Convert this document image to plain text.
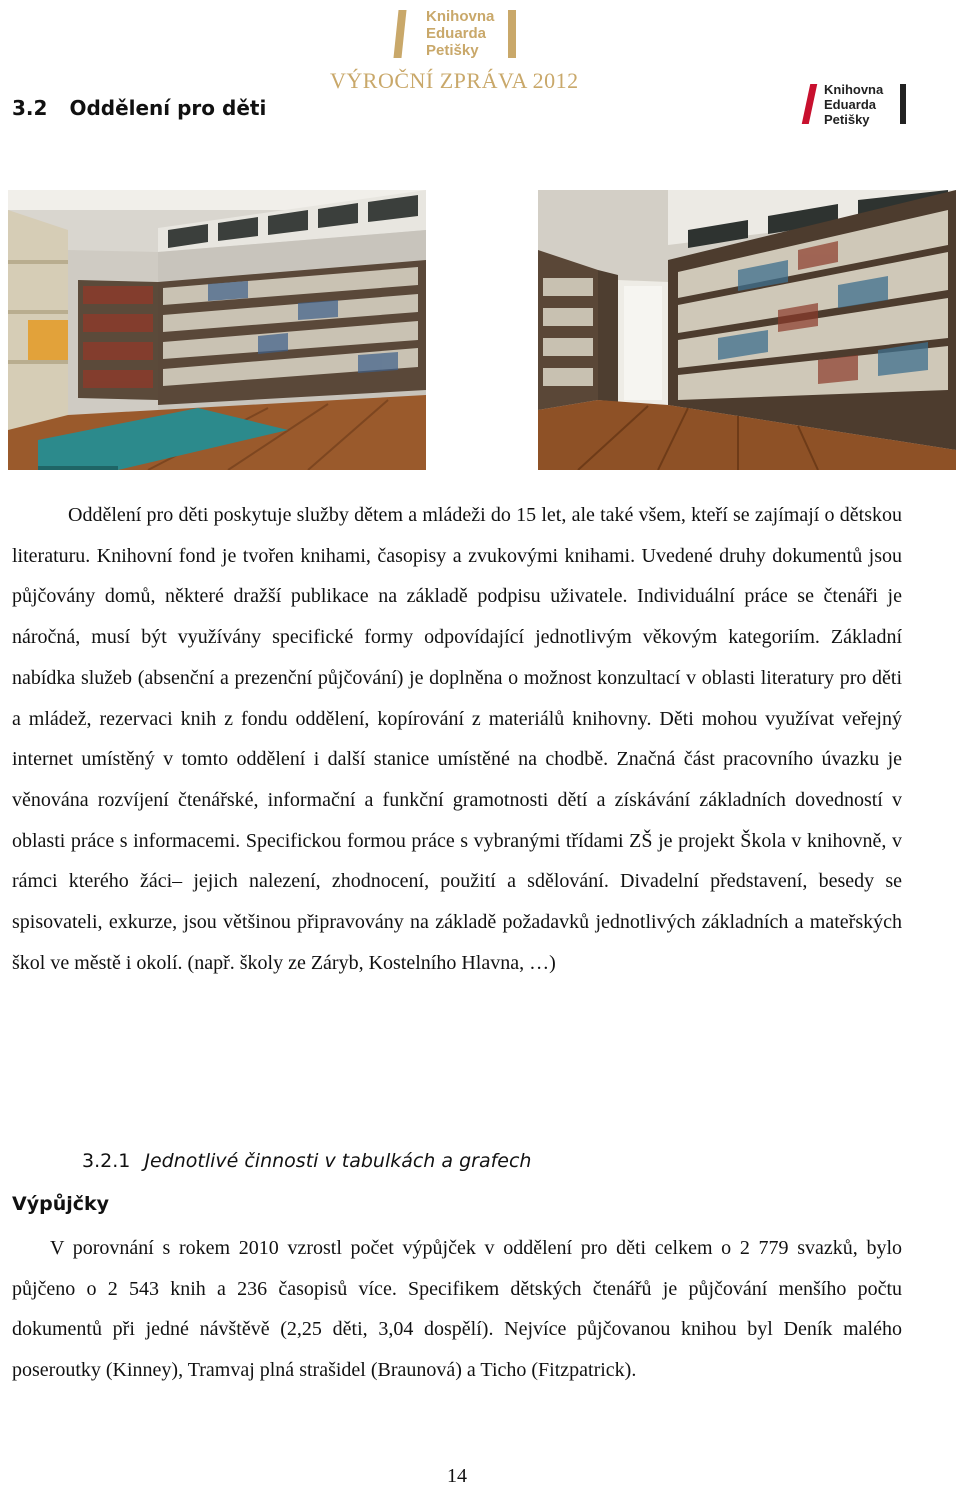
Knihovna
Eduarda
Petišky
VÝROČNÍ ZPRÁVA 2012
3.2 Oddělení pro děti
Knihovna
Eduarda
Petišky

Oddělení pro děti poskytuje služby dětem a mládeži do 15 let, ale také všem, kteří se zajímají o dětskou literaturu. Knihovní fond je tvořen knihami, časopisy a zvukovými knihami. Uvedené druhy dokumentů jsou půjčovány domů, některé dražší publikace na základě podpisu uživatele. Individuální práce se čtenáři je náročná, musí být využívány specifické formy odpovídající jednotlivým věkovým kategoriím. Základní nabídka služeb (absenční a prezenční půjčování) je doplněna o možnost konzultací v oblasti literatury pro děti a mládež, rezervaci knih z fondu oddělení, kopírování z materiálů knihovny. Děti mohou využívat veřejný internet umístěný v tomto oddělení i další stanice umístěné na chodbě. Značná část pracovního úvazku je věnována rozvíjení čtenářské, informační a funkční gramotnosti dětí a získávání základních dovedností v oblasti práce s informacemi. Specifickou formou práce s vybranými třídami ZŠ je projekt Škola v knihovně, v rámci kterého žáci– jejich nalezení, zhodnocení, použití a sdělování. Divadelní představení, besedy se spisovateli, exkurze, jsou většinou připravovány na základě požadavků jednotlivých základních a mateřských škol ve městě i okolí. (např. školy ze Záryb, Kostelního Hlavna, …)

3.2.1 Jednotlivé činnosti v tabulkách a grafech
Výpůjčky

V porovnání s rokem 2010 vzrostl počet výpůjček v oddělení pro děti celkem o 2 779 svazků, bylo půjčeno o 2 543 knih a 236 časopisů více. Specifikem dětských čtenářů je půjčování menšího počtu dokumentů při jedné návštěvě (2,25 děti, 3,04 dospělí). Nejvíce půjčovanou knihou byl Deník malého poseroutky (Kinney), Tramvaj plná strašidel (Braunová) a Ticho (Fitzpatrick).

14
